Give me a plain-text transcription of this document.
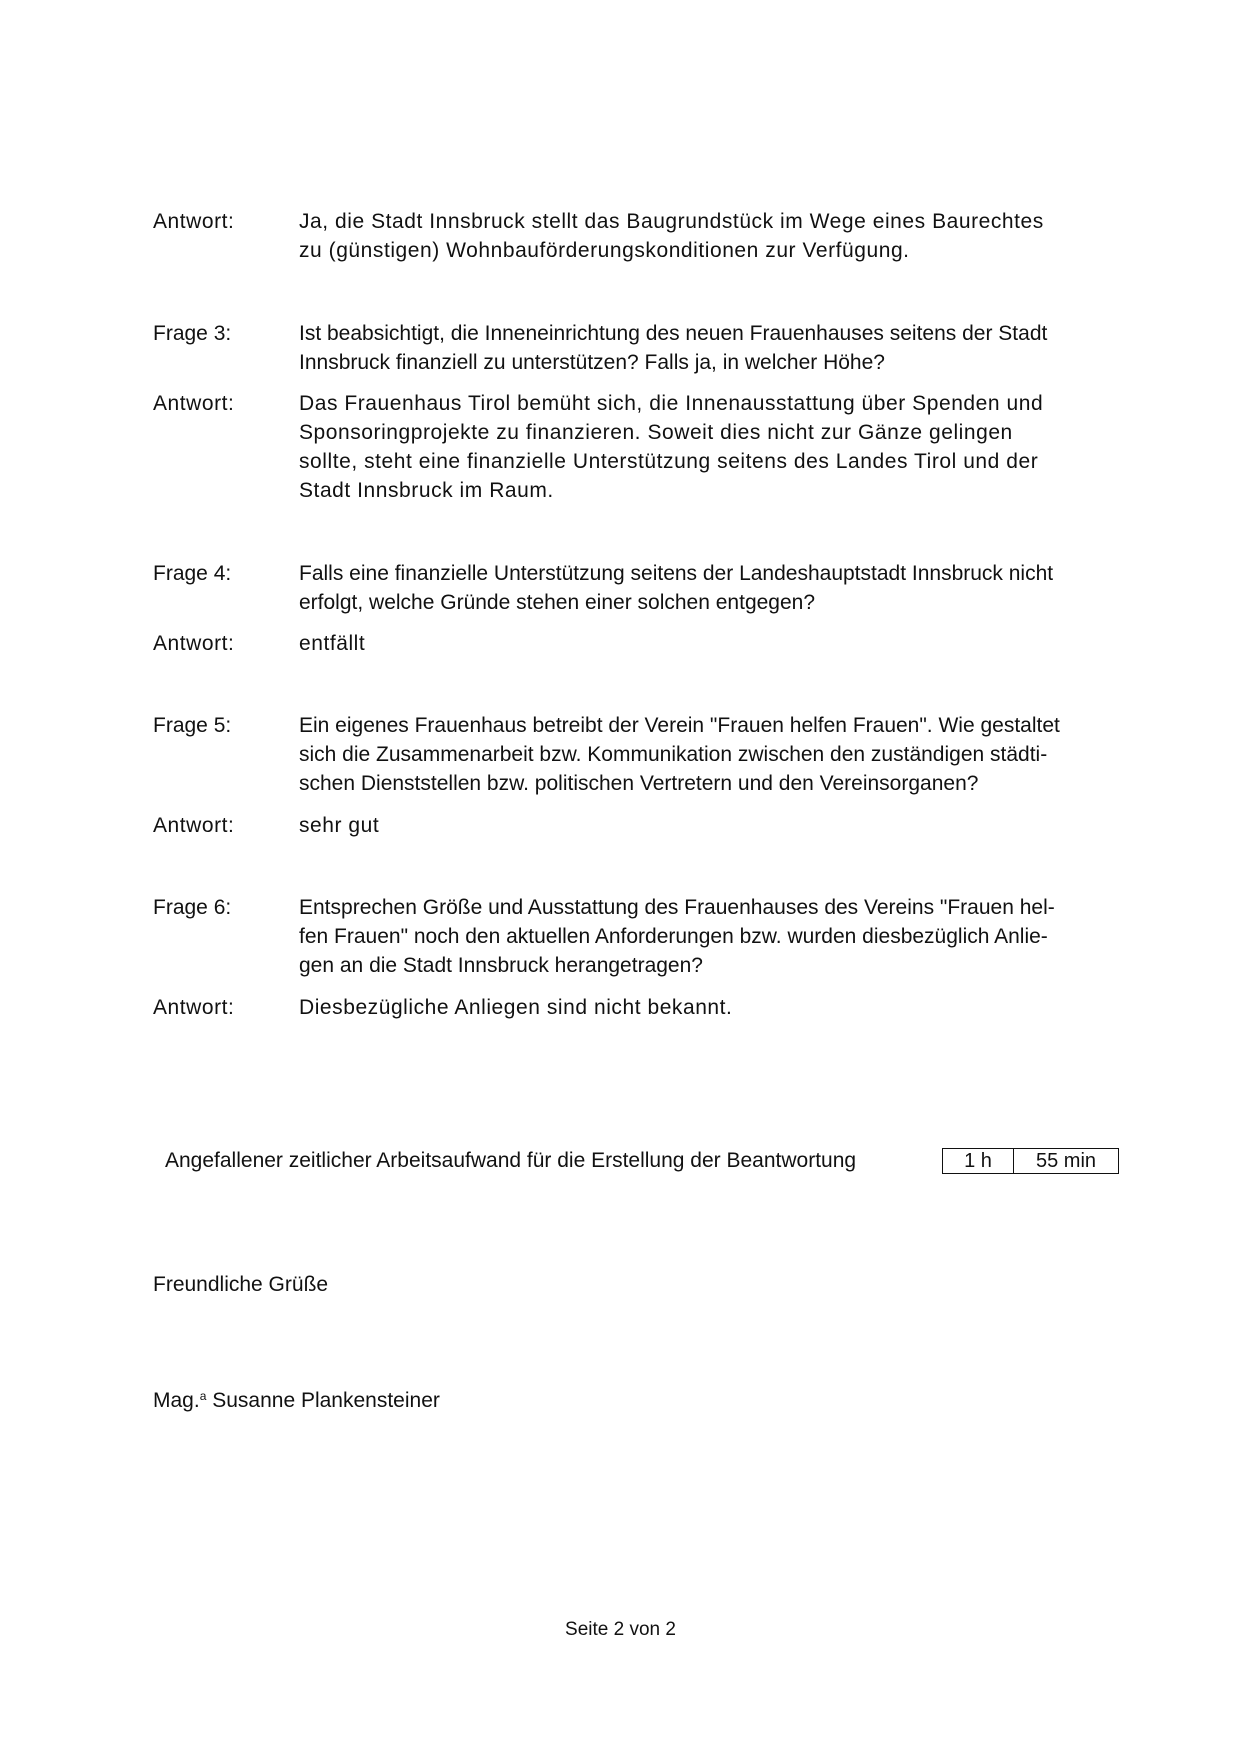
Antwort:	Ja, die Stadt Innsbruck stellt das Baugrundstück im Wege eines Baurechtes
zu (günstigen) Wohnbauförderungskonditionen zur Verfügung.
Frage 3:	Ist beabsichtigt, die Inneneinrichtung des neuen Frauenhauses seitens der Stadt
Innsbruck finanziell zu unterstützen? Falls ja, in welcher Höhe?
Antwort:	Das Frauenhaus Tirol bemüht sich, die Innenausstattung über Spenden und
Sponsoringprojekte zu finanzieren. Soweit dies nicht zur Gänze gelingen
sollte, steht eine finanzielle Unterstützung seitens des Landes Tirol und der
Stadt Innsbruck im Raum.
Frage 4:	Falls eine finanzielle Unterstützung seitens der Landeshauptstadt Innsbruck nicht
erfolgt, welche Gründe stehen einer solchen entgegen?
Antwort:	entfällt
Frage 5:	Ein eigenes Frauenhaus betreibt der Verein "Frauen helfen Frauen". Wie gestaltet
sich die Zusammenarbeit bzw. Kommunikation zwischen den zuständigen städti-
schen Dienststellen bzw. politischen Vertretern und den Vereinsorganen?
Antwort:	sehr gut
Frage 6:	Entsprechen Größe und Ausstattung des Frauenhauses des Vereins "Frauen hel-
fen Frauen" noch den aktuellen Anforderungen bzw. wurden diesbezüglich Anlie-
gen an die Stadt Innsbruck herangetragen?
Antwort:	Diesbezügliche Anliegen sind nicht bekannt.
Angefallener zeitlicher Arbeitsaufwand für die Erstellung der Beantwortung	1 h	55 min
Freundliche Grüße
Mag.$^a$ Susanne Plankensteiner
Seite 2 von 2
